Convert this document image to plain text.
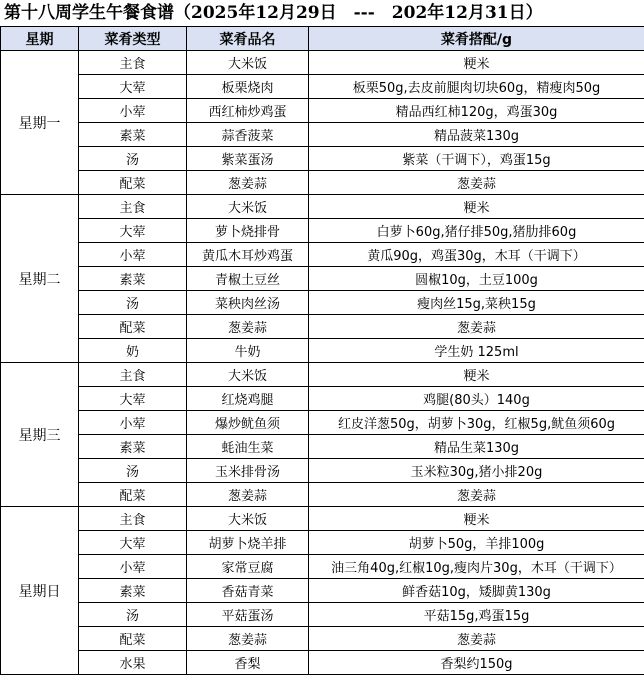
第十八周学生午餐食谱（2025年12月29日　---　202年12月31日）
星期	菜肴类型	菜肴品名	菜肴搭配/g
星期一	主食	大米饭	粳米
	大荤	板栗烧肉	板栗50g,去皮前腿肉切块60g，精瘦肉50g
	小荤	西红柿炒鸡蛋	精品西红柿120g，鸡蛋30g
	素菜	蒜香菠菜	精品菠菜130g
	汤	紫菜蛋汤	紫菜（干调下），鸡蛋15g
	配菜	葱姜蒜	葱姜蒜
星期二	主食	大米饭	粳米
	大荤	萝卜烧排骨	白萝卜60g,猪仔排50g,猪肋排60g
	小荤	黄瓜木耳炒鸡蛋	黄瓜90g，鸡蛋30g，木耳（干调下）
	素菜	青椒土豆丝	圆椒10g，土豆100g
	汤	菜秧肉丝汤	瘦肉丝15g,菜秧15g
	配菜	葱姜蒜	葱姜蒜
	奶	牛奶	学生奶 125ml
星期三	主食	大米饭	粳米
	大荤	红烧鸡腿	鸡腿(80头）140g
	小荤	爆炒鱿鱼须	红皮洋葱50g，胡萝卜30g，红椒5g,鱿鱼须60g
	素菜	蚝油生菜	精品生菜130g
	汤	玉米排骨汤	玉米粒30g,猪小排20g
	配菜	葱姜蒜	葱姜蒜
星期日	主食	大米饭	粳米
	大荤	胡萝卜烧羊排	胡萝卜50g，羊排100g
	小荤	家常豆腐	油三角40g,红椒10g,瘦肉片30g，木耳（干调下）
	素菜	香菇青菜	鲜香菇10g，矮脚黄130g
	汤	平菇蛋汤	平菇15g,鸡蛋15g
	配菜	葱姜蒜	葱姜蒜
	水果	香梨	香梨约150g
